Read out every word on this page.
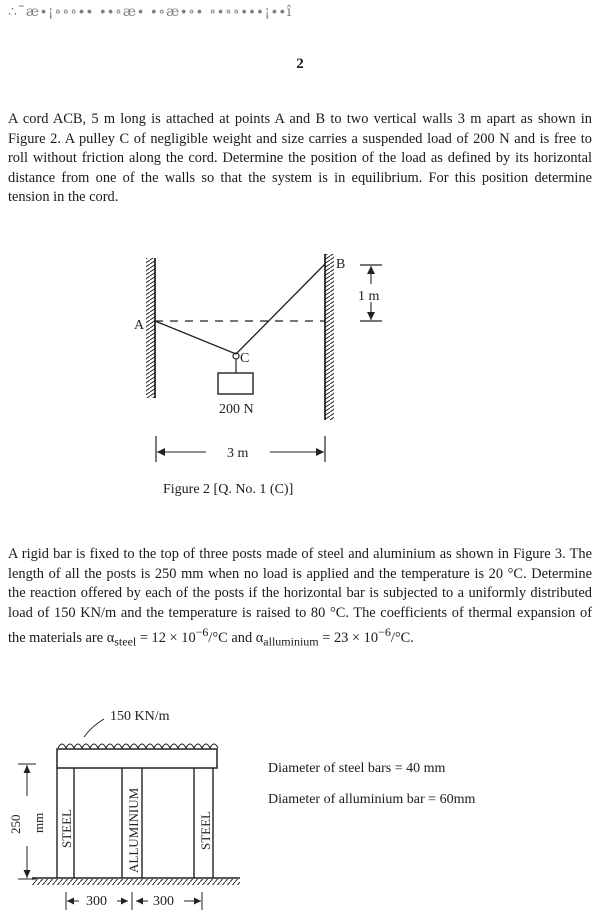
∴˜æ∙¡∘∘∘∙∙ ∙∙∘æ∙ ∙∘æ∙∘∙ ∘∙∘∘∙∙∙¡∙∙î
2
A cord ACB, 5 m long is attached at points A and B to two vertical walls 3 m apart as shown in Figure 2. A pulley C of negligible weight and size carries a suspended load of 200 N and is free to roll without friction along the cord. Determine the position of the load as defined by its horizontal distance from one of the walls so that the system is in equilibrium. For this position determine tension in the cord.
A
B
C
200 N
1 m
3 m
Figure 2 [Q. No. 1 (C)]
A rigid bar is fixed to the top of three posts made of steel and aluminium as shown in Figure 3. The length of all the posts is 250 mm when no load is applied and the temperature is 20 °C. Determine the reaction offered by each of the posts if the horizontal bar is subjected to a uniformly distributed load of 150 KN/m and the temperature is raised to 80 °C. The coefficients of thermal expansion of the materials are $\alpha_{steel} = 12 \times 10^{-6}/^\circ C$ and $\alpha_{alluminium} = 23 \times 10^{-6}/^\circ C$.
150 KN/m
STEEL	ALLUMINIUM	STEEL
250 mm
300	300
Diameter of steel bars = 40 mm
Diameter of alluminium bar = 60mm
